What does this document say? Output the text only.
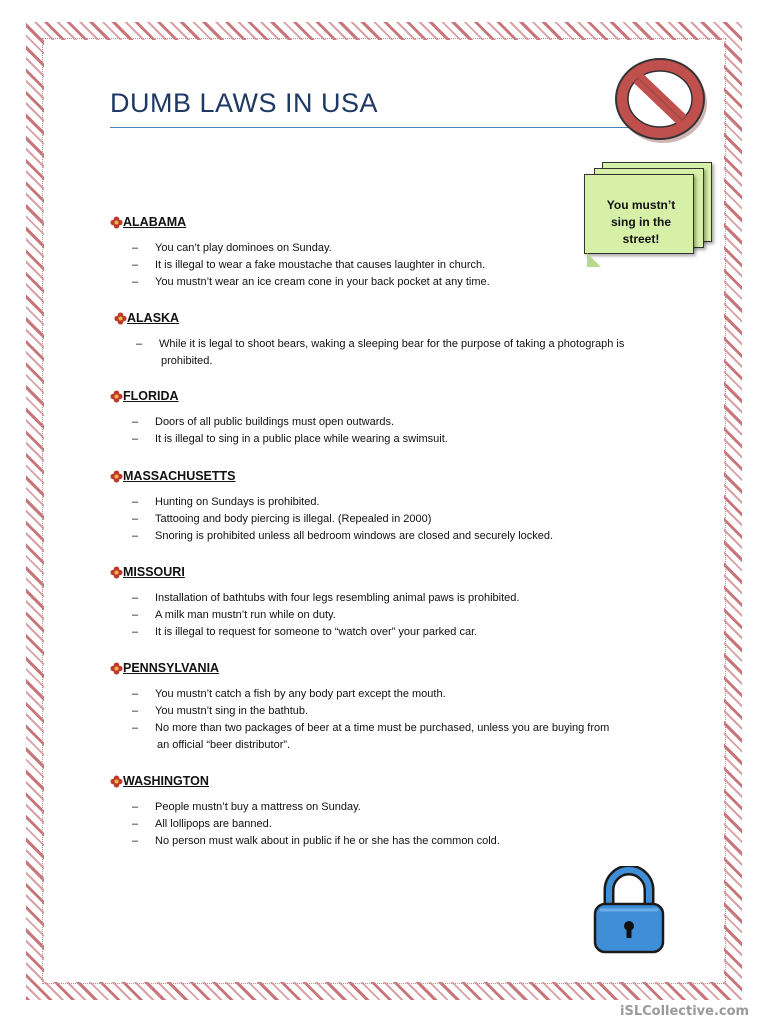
DUMB LAWS IN USA
You mustn’t
sing in the
street!
ALABAMA
– You can’t play dominoes on Sunday.
– It is illegal to wear a fake moustache that causes laughter in church.
– You mustn’t wear an ice cream cone in your back pocket at any time.
ALASKA
– While it is legal to shoot bears, waking a sleeping bear for the purpose of taking a photograph is
prohibited.
FLORIDA
– Doors of all public buildings must open outwards.
– It is illegal to sing in a public place while wearing a swimsuit.
MASSACHUSETTS
– Hunting on Sundays is prohibited.
– Tattooing and body piercing is illegal. (Repealed in 2000)
– Snoring is prohibited unless all bedroom windows are closed and securely locked.
MISSOURI
– Installation of bathtubs with four legs resembling animal paws is prohibited.
– A milk man mustn’t run while on duty.
– It is illegal to request for someone to “watch over” your parked car.
PENNSYLVANIA
– You mustn’t catch a fish by any body part except the mouth.
– You mustn’t sing in the bathtub.
– No more than two packages of beer at a time must be purchased, unless you are buying from
an official “beer distributor”.
WASHINGTON
– People mustn’t buy a mattress on Sunday.
– All lollipops are banned.
– No person must walk about in public if he or she has the common cold.
iSLCollective.com
